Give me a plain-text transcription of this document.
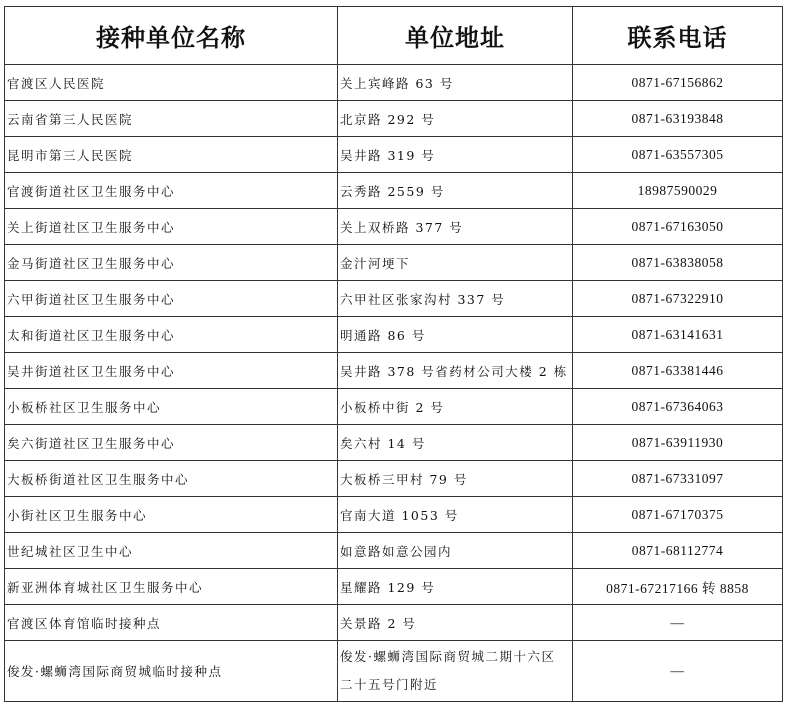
接种单位名称	单位地址	联系电话
官渡区人民医院	关上宾峰路 63 号	0871-67156862
云南省第三人民医院	北京路 292 号	0871-63193848
昆明市第三人民医院	吴井路 319 号	0871-63557305
官渡街道社区卫生服务中心	云秀路 2559 号	18987590029
关上街道社区卫生服务中心	关上双桥路 377 号	0871-67163050
金马街道社区卫生服务中心	金汁河埂下	0871-63838058
六甲街道社区卫生服务中心	六甲社区张家沟村 337 号	0871-67322910
太和街道社区卫生服务中心	明通路 86 号	0871-63141631
吴井街道社区卫生服务中心	吴井路 378 号省药材公司大楼 2 栋	0871-63381446
小板桥社区卫生服务中心	小板桥中街 2 号	0871-67364063
矣六街道社区卫生服务中心	矣六村 14 号	0871-63911930
大板桥街道社区卫生服务中心	大板桥三甲村 79 号	0871-67331097
小街社区卫生服务中心	官南大道 1053 号	0871-67170375
世纪城社区卫生中心	如意路如意公园内	0871-68112774
新亚洲体育城社区卫生服务中心	星耀路 129 号	0871-67217166 转 8858
官渡区体育馆临时接种点	关景路 2 号	—
俊发·螺蛳湾国际商贸城临时接种点	俊发·螺蛳湾国际商贸城二期十六区二十五号门附近	—
